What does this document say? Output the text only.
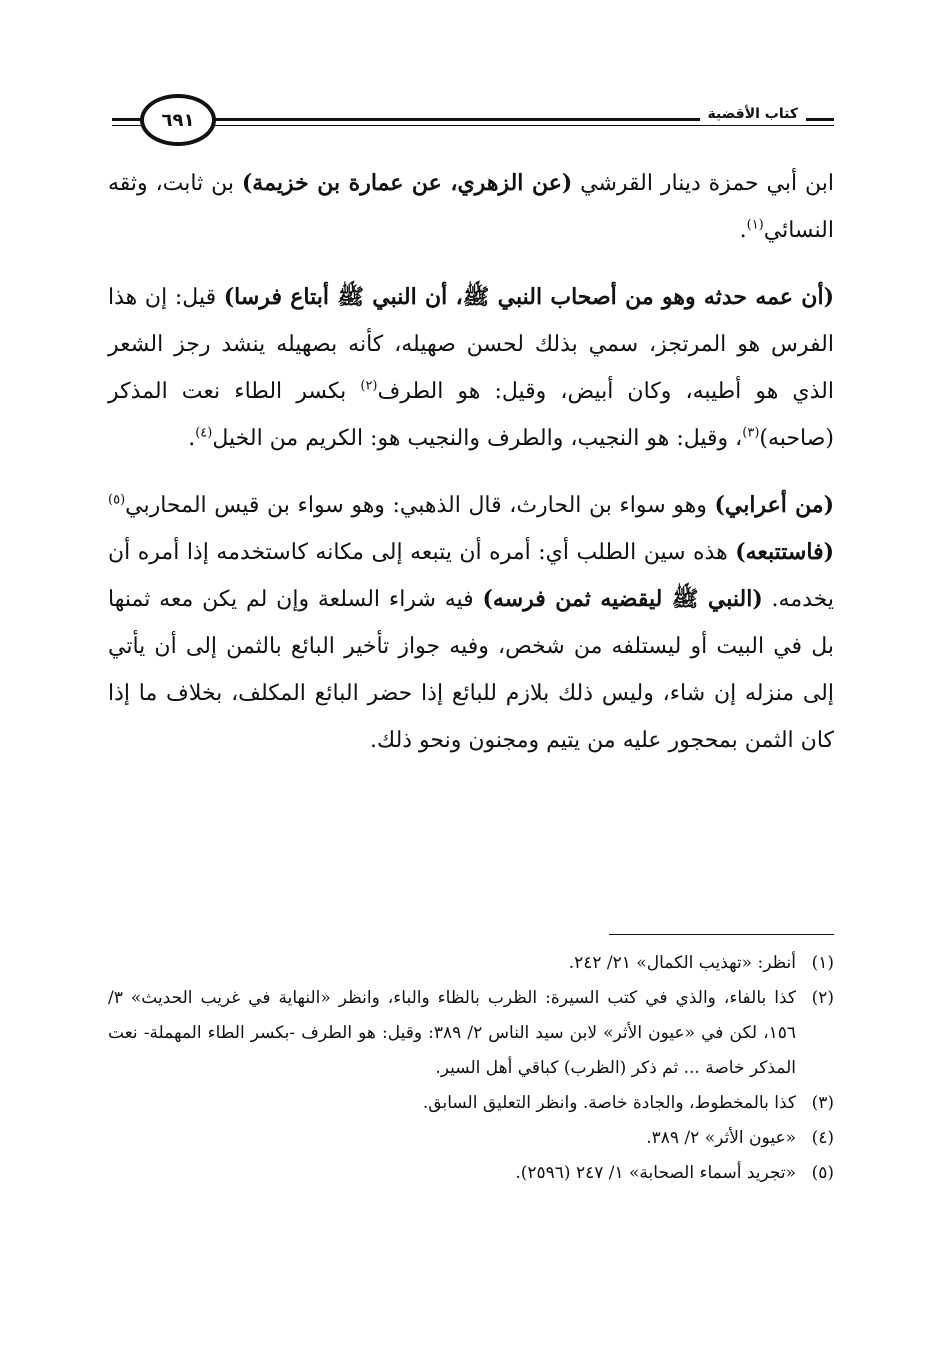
٦٩١	كتاب الأقضية

ابن أبي حمزة دينار القرشي (عن الزهري، عن عمارة بن خزيمة) بن ثابت، وثقه النسائي$^{(١)}$.

(أن عمه حدثه وهو من أصحاب النبي ﷺ، أن النبي ﷺ أبتاع فرسا) قيل: إن هذا الفرس هو المرتجز، سمي بذلك لحسن صهيله، كأنه بصهيله ينشد رجز الشعر الذي هو أطيبه، وكان أبيض، وقيل: هو الطرف$^{(٢)}$ بكسر الطاء نعت المذكر (صاحبه)$^{(٣)}$، وقيل: هو النجيب، والطرف والنجيب هو: الكريم من الخيل$^{(٤)}$.

(من أعرابي) وهو سواء بن الحارث، قال الذهبي: وهو سواء بن قيس المحاربي$^{(٥)}$ (فاستتبعه) هذه سين الطلب أي: أمره أن يتبعه إلى مكانه كاستخدمه إذا أمره أن يخدمه. (النبي ﷺ ليقضيه ثمن فرسه) فيه شراء السلعة وإن لم يكن معه ثمنها بل في البيت أو ليستلفه من شخص، وفيه جواز تأخير البائع بالثمن إلى أن يأتي إلى منزله إن شاء، وليس ذلك بلازم للبائع إذا حضر البائع المكلف، بخلاف ما إذا كان الثمن بمحجور عليه من يتيم ومجنون ونحو ذلك.

(١)
أنظر: «تهذيب الكمال» ٢١/ ٢٤٢.
(٢)
كذا بالفاء، والذي في كتب السيرة: الظرب بالظاء والباء، وانظر «النهاية في غريب الحديث» ٣/ ١٥٦، لكن في «عيون الأثر» لابن سيد الناس ٢/ ٣٨٩: وقيل: هو الطرف -بكسر الطاء المهملة- نعت المذكر خاصة ... ثم ذكر (الظرب) كباقي أهل السير.
(٣)
كذا بالمخطوط، والجادة خاصة. وانظر التعليق السابق.
(٤)
«عيون الأثر» ٢/ ٣٨٩.
(٥)
«تجريد أسماء الصحابة» ١/ ٢٤٧ (٢٥٩٦).
